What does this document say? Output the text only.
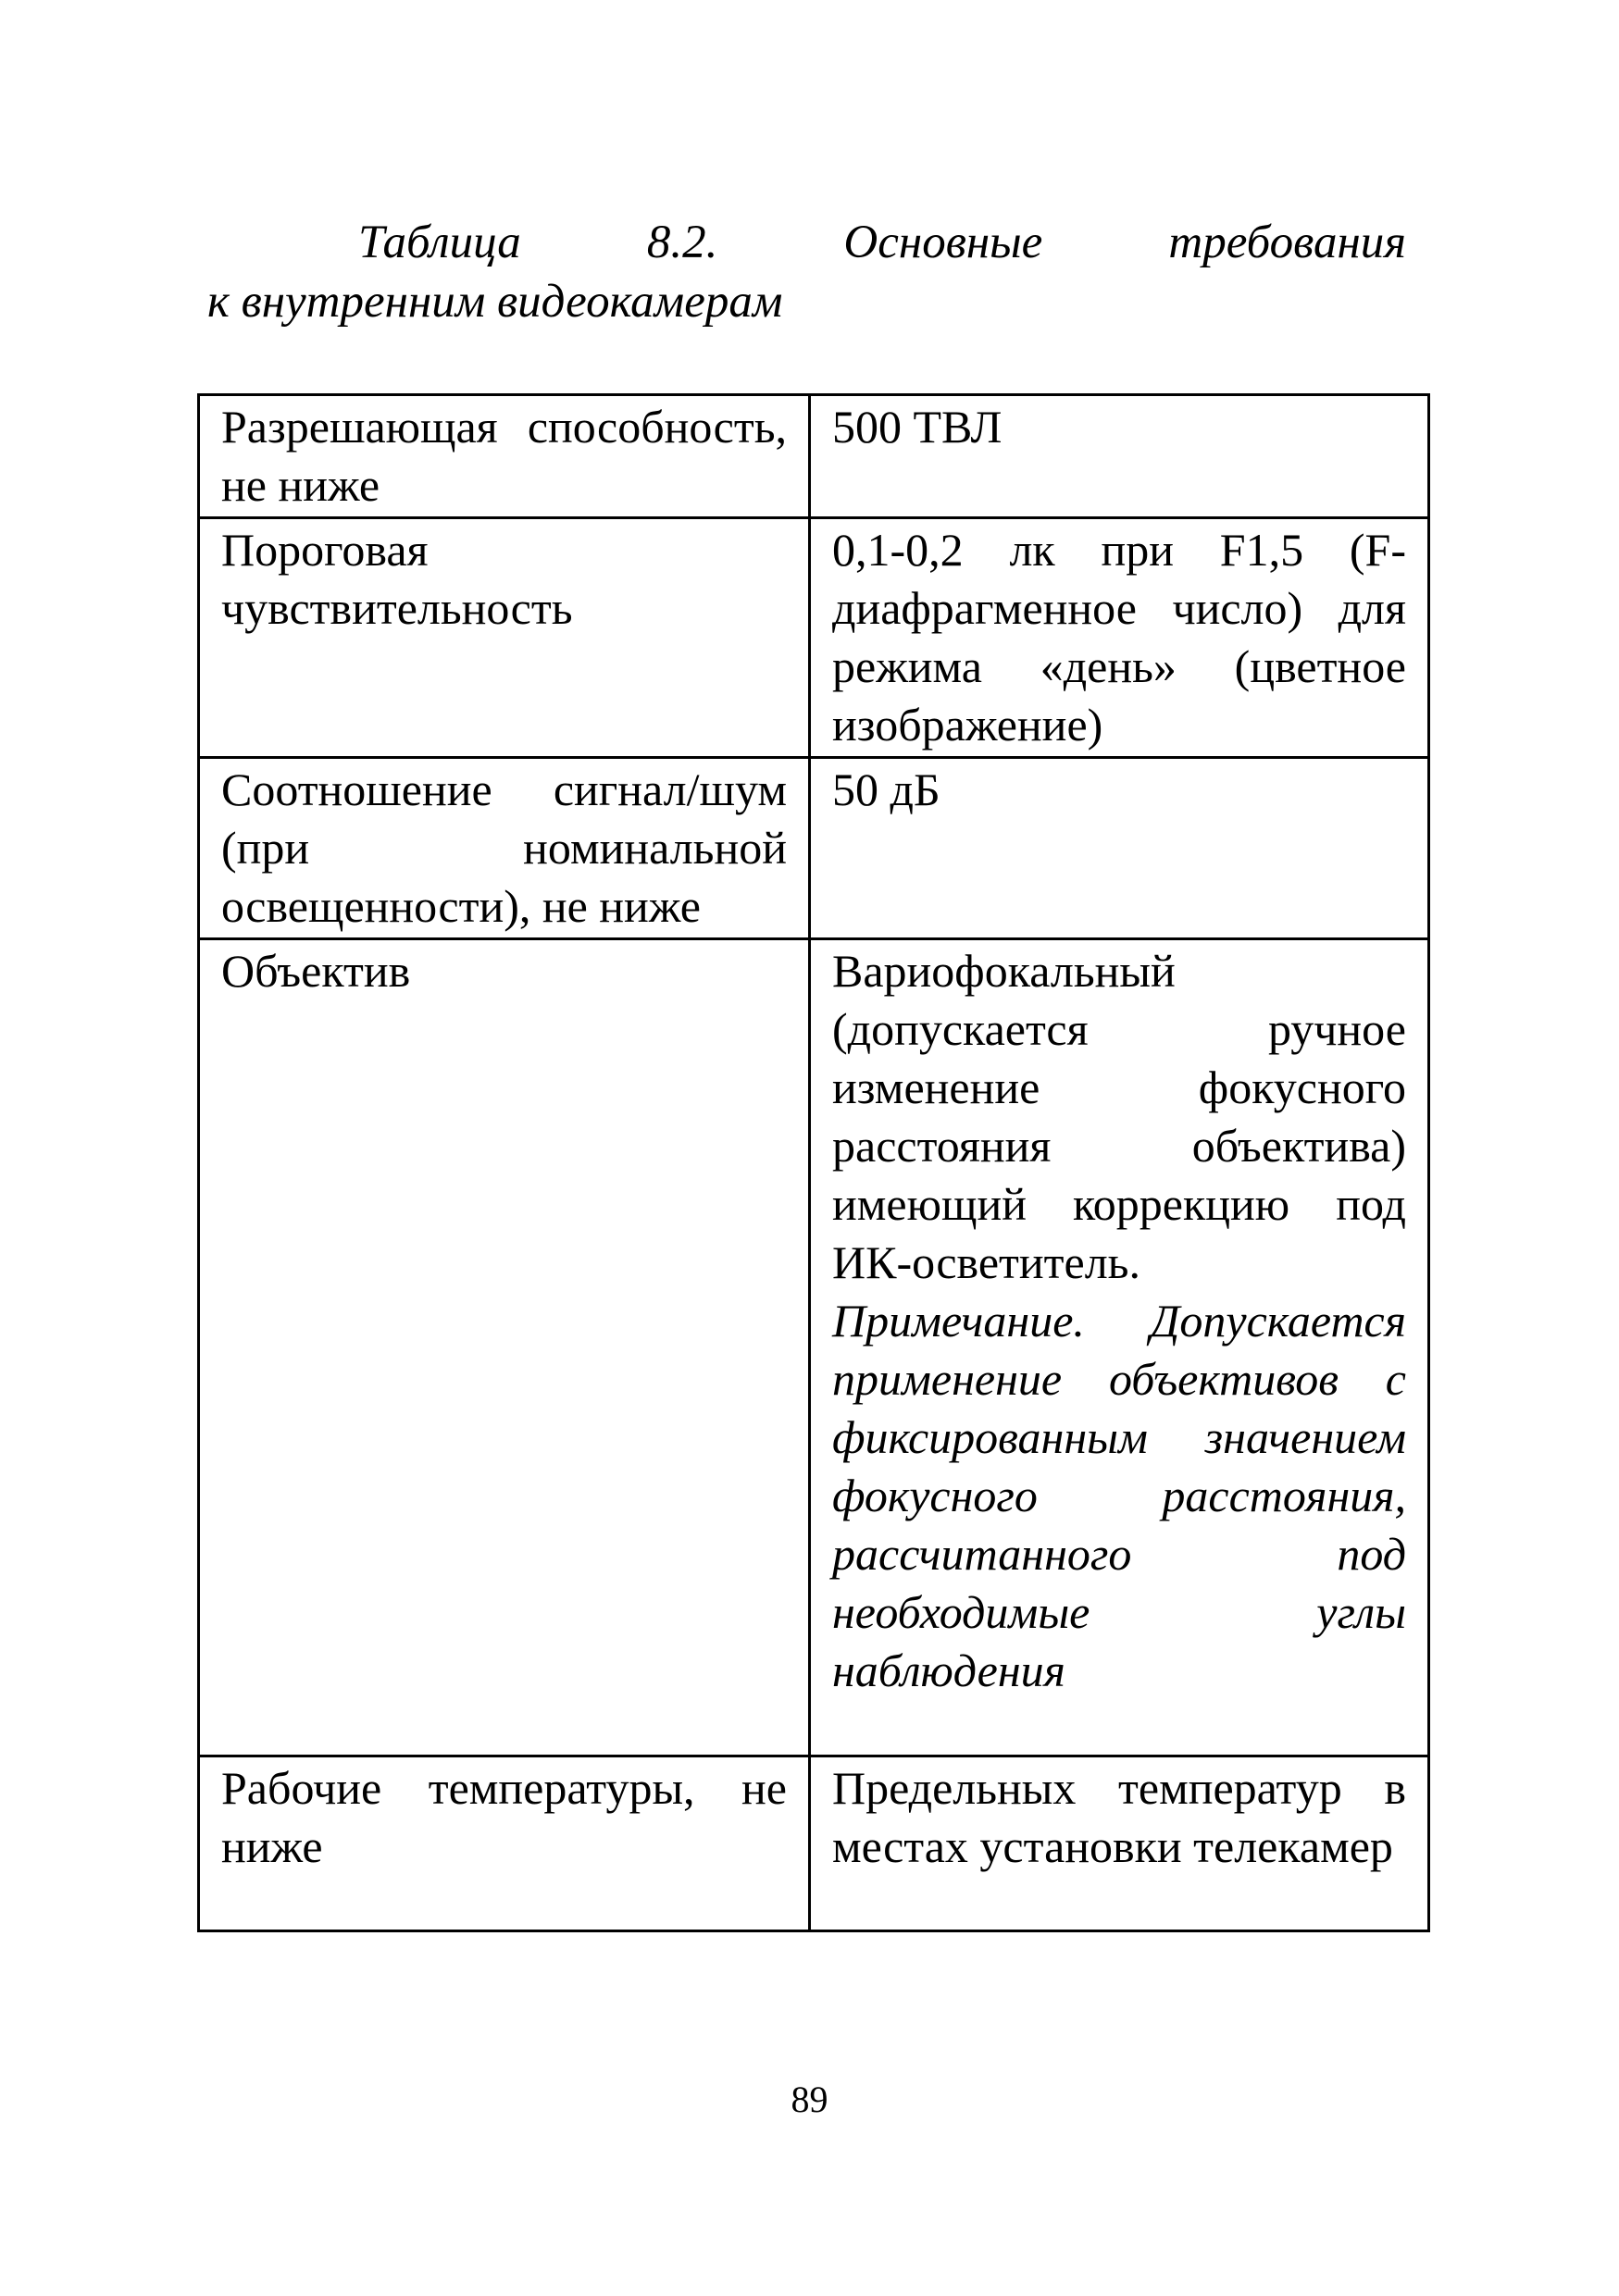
Таблица	8.2.	Основные	требования
к внутренним видеокамерам
Разрешающая способность, не ниже	500 ТВЛ
Пороговая чувствительность	0,1-0,2 лк при F1,5 (F-диафрагменное число) для режима «день» (цветное изображение)
Соотношение сигнал/шум (при номинальной освещенности), не ниже	50 дБ
Объектив	Вариофокальный (допускается ручное изменение фокусного расстояния объектива) имеющий коррекцию под ИК-осветитель.
Примечание. Допускается применение объективов с фиксированным значением фокусного расстояния, рассчитанного под необходимые углы наблюдения

Рабочие температуры, не ниже	Предельных температур в местах установки телекамер
89
